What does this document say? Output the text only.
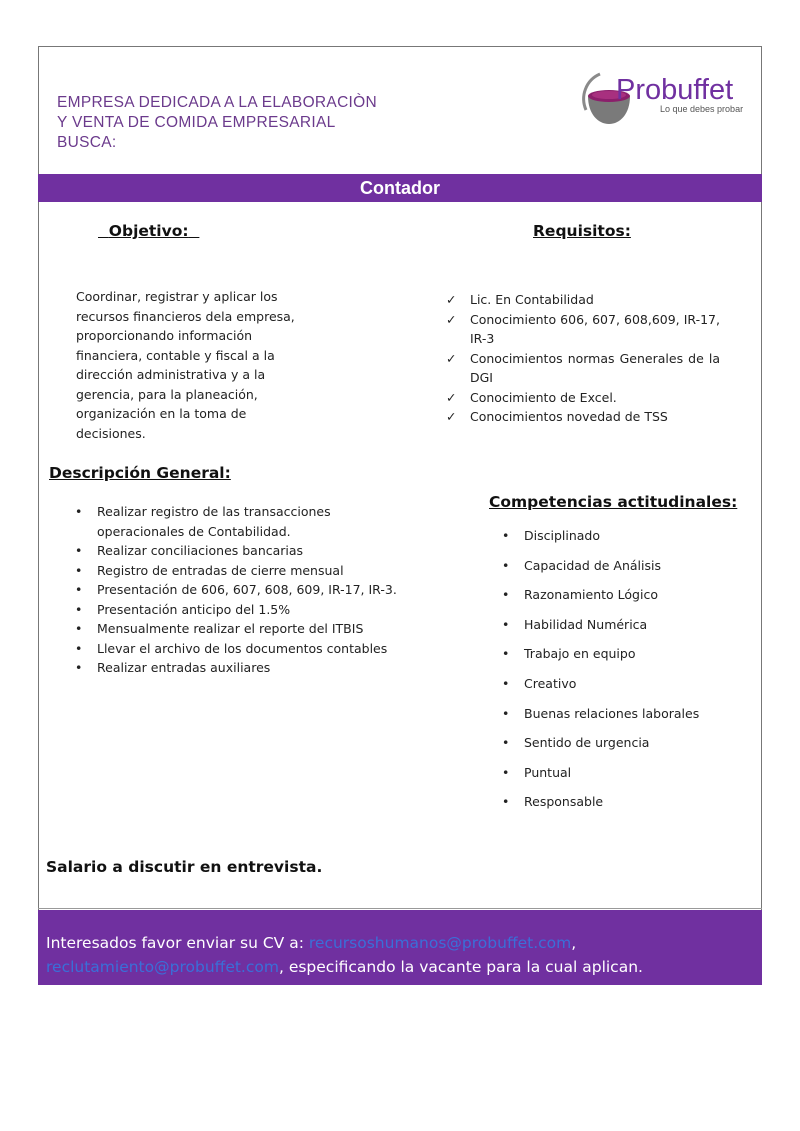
EMPRESA DEDICADA A LA ELABORACIÒN
Y VENTA DE COMIDA EMPRESARIAL
BUSCA:
Probuffet
Lo que debes probar
Contador
Objetivo:	Requisitos:
Coordinar, registrar y aplicar los recursos financieros dela empresa, proporcionando información financiera, contable y fiscal a la dirección administrativa y a la gerencia, para la planeación, organización en la toma de decisiones.
✓ Lic. En Contabilidad
✓ Conocimiento 606, 607, 608,609, IR-17, IR-3
✓ Conocimientos normas Generales de la DGI
✓ Conocimiento de Excel.
✓ Conocimientos novedad de TSS
Descripción General:
• Realizar registro de las transacciones operacionales de Contabilidad.
• Realizar conciliaciones bancarias
• Registro de entradas de cierre mensual
• Presentación de 606, 607, 608, 609, IR-17, IR-3.
• Presentación anticipo del 1.5%
• Mensualmente realizar el reporte del ITBIS
• Llevar el archivo de los documentos contables
• Realizar entradas auxiliares
Competencias actitudinales:
• Disciplinado
• Capacidad de Análisis
• Razonamiento Lógico
• Habilidad Numérica
• Trabajo en equipo
• Creativo
• Buenas relaciones laborales
• Sentido de urgencia
• Puntual
• Responsable
Salario a discutir en entrevista.
Interesados favor enviar su CV a: recursoshumanos@probuffet.com,
reclutamiento@probuffet.com, especificando la vacante para la cual aplican.
